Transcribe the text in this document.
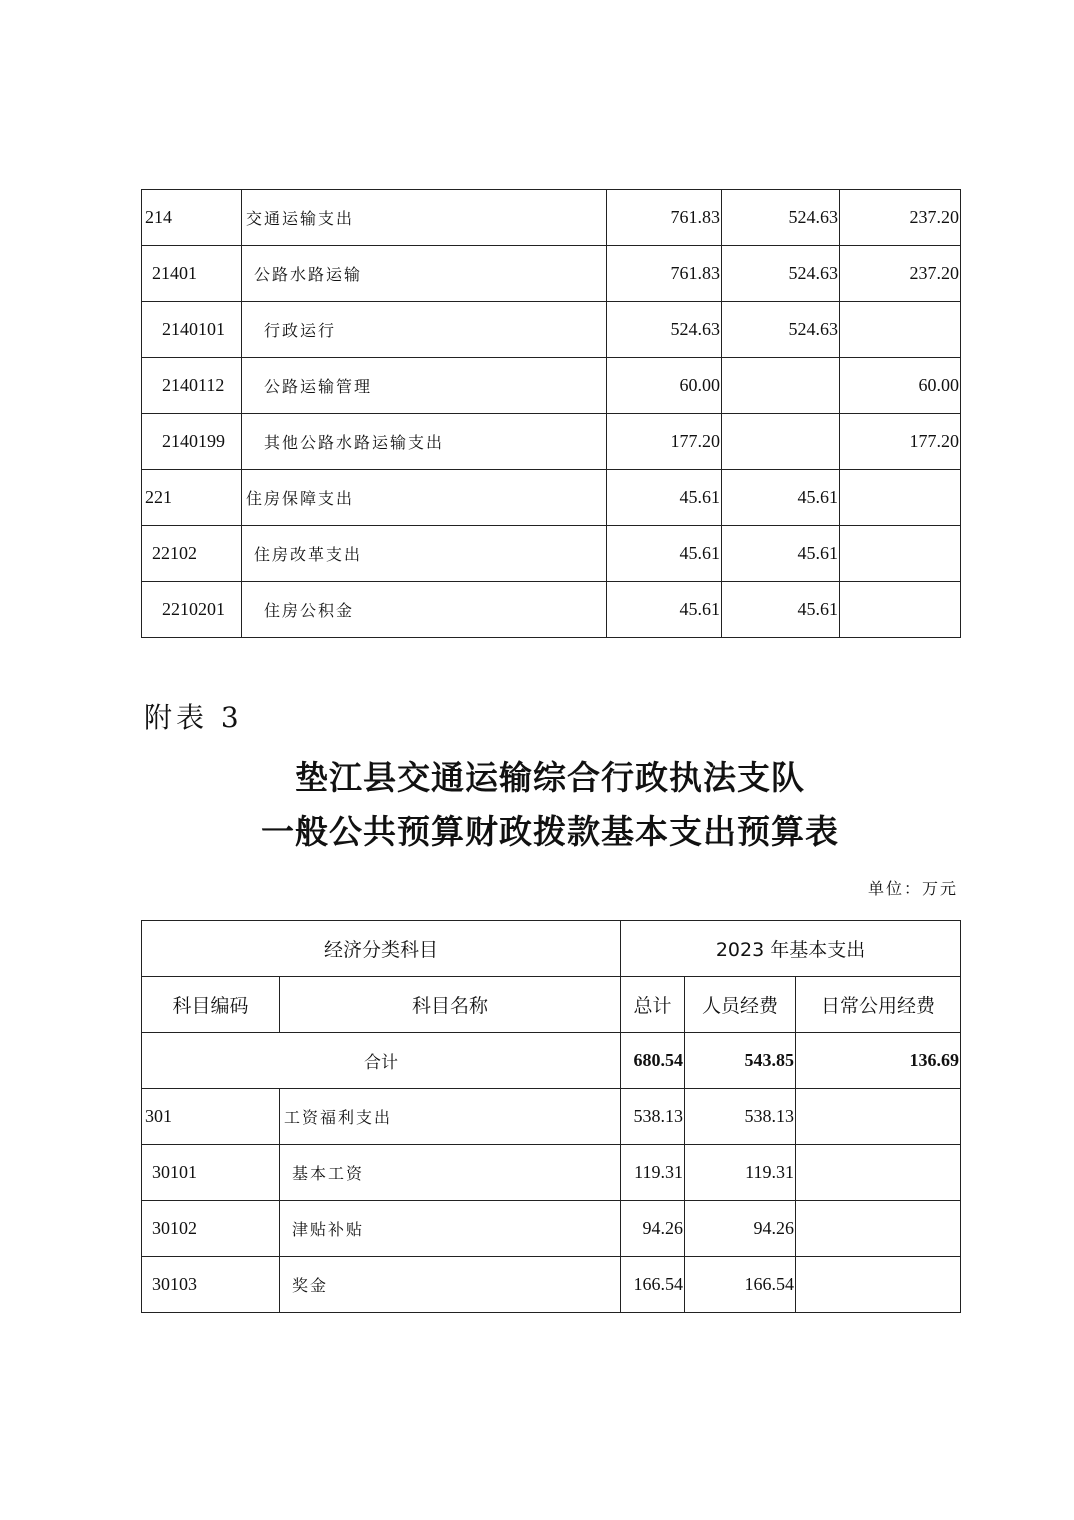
214	交通运输支出	761.83	524.63	237.20
21401	公路水路运输	761.83	524.63	237.20
2140101	行政运行	524.63	524.63	
2140112	公路运输管理	60.00		60.00
2140199	其他公路水路运输支出	177.20		177.20
221	住房保障支出	45.61	45.61	
22102	住房改革支出	45.61	45.61	
2210201	住房公积金	45.61	45.61	
附表 3
垫江县交通运输综合行政执法支队
一般公共预算财政拨款基本支出预算表
单位：万元
经济分类科目		2023 年基本支出		
科目编码	科目名称	总计	人员经费	日常公用经费
合计		680.54	543.85	136.69
301	工资福利支出	538.13	538.13	
30101	基本工资	119.31	119.31	
30102	津贴补贴	94.26	94.26	
30103	奖金	166.54	166.54	
